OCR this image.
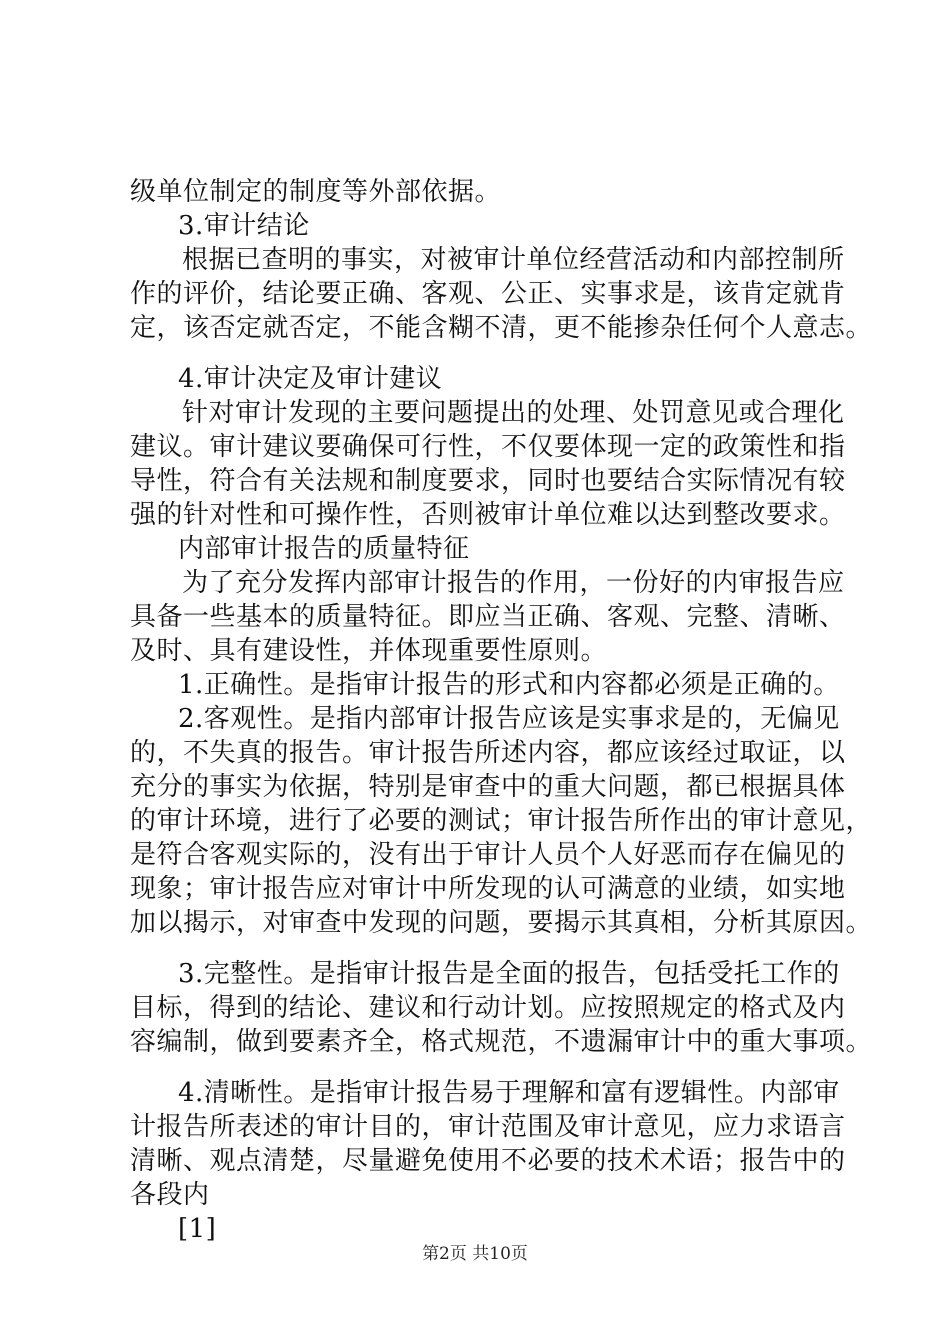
级单位制定的制度等外部依据。
3.审计结论
根据已查明的事实，对被审计单位经营活动和内部控制所
作的评价，结论要正确、客观、公正、实事求是，该肯定就肯
定，该否定就否定，不能含糊不清，更不能掺杂任何个人意志。
4.审计决定及审计建议
针对审计发现的主要问题提出的处理、处罚意见或合理化
建议。审计建议要确保可行性，不仅要体现一定的政策性和指
导性，符合有关法规和制度要求，同时也要结合实际情况有较
强的针对性和可操作性，否则被审计单位难以达到整改要求。
内部审计报告的质量特征
为了充分发挥内部审计报告的作用，一份好的内审报告应
具备一些基本的质量特征。即应当正确、客观、完整、清晰、
及时、具有建设性，并体现重要性原则。
1.正确性。是指审计报告的形式和内容都必须是正确的。
2.客观性。是指内部审计报告应该是实事求是的，无偏见
的，不失真的报告。审计报告所述内容，都应该经过取证，以
充分的事实为依据，特别是审查中的重大问题，都已根据具体
的审计环境，进行了必要的测试；审计报告所作出的审计意见，
是符合客观实际的，没有出于审计人员个人好恶而存在偏见的
现象；审计报告应对审计中所发现的认可满意的业绩，如实地
加以揭示，对审查中发现的问题，要揭示其真相，分析其原因。
3.完整性。是指审计报告是全面的报告，包括受托工作的
目标，得到的结论、建议和行动计划。应按照规定的格式及内
容编制，做到要素齐全，格式规范，不遗漏审计中的重大事项。
4.清晰性。是指审计报告易于理解和富有逻辑性。内部审
计报告所表述的审计目的，审计范围及审计意见，应力求语言
清晰、观点清楚，尽量避免使用不必要的技术术语；报告中的
各段内
[1]
第2页 共10页
